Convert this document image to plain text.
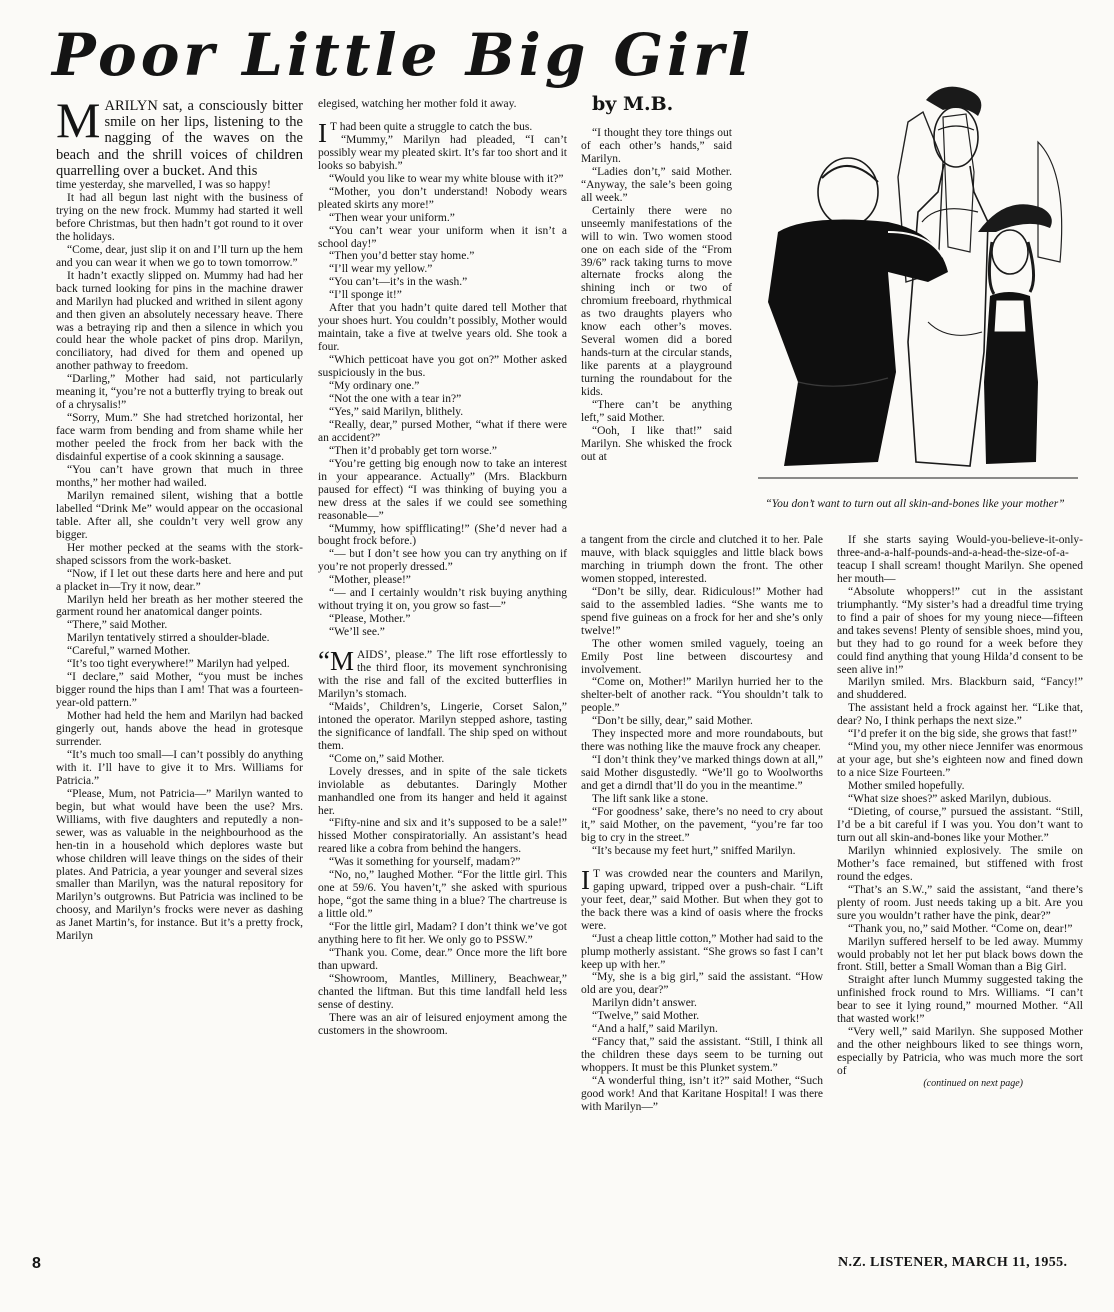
Poor Little Big Girl

by M.B.

MARILYN sat, a consciously bitter smile on her lips, listening to the nagging of the waves on the beach and the shrill voices of children quarrelling over a bucket. And this

time yesterday, she marvelled, I was so happy!

It had all begun last night with the business of trying on the new frock. Mummy had started it well before Christmas, but then hadn’t got round to it over the holidays.

“Come, dear, just slip it on and I’ll turn up the hem and you can wear it when we go to town tomorrow.”

It hadn’t exactly slipped on. Mummy had had her back turned looking for pins in the machine drawer and Marilyn had plucked and writhed in silent agony and then given an absolutely necessary heave. There was a betraying rip and then a silence in which you could hear the whole packet of pins drop. Marilyn, conciliatory, had dived for them and opened up another pathway to freedom.

“Darling,” Mother had said, not particularly meaning it, “you’re not a butterfly trying to break out of a chrysalis!”

“Sorry, Mum.” She had stretched horizontal, her face warm from bending and from shame while her mother peeled the frock from her back with the disdainful expertise of a cook skinning a sausage.

“You can’t have grown that much in three months,” her mother had wailed.

Marilyn remained silent, wishing that a bottle labelled “Drink Me” would appear on the occasional table. After all, she couldn’t very well grow any bigger.

Her mother pecked at the seams with the stork-shaped scissors from the work-basket.

“Now, if I let out these darts here and here and put a placket in—Try it now, dear.”

Marilyn held her breath as her mother steered the garment round her anatomical danger points.

“There,” said Mother.

Marilyn tentatively stirred a shoulder-blade.

“Careful,” warned Mother.

“It’s too tight everywhere!” Marilyn had yelped.

“I declare,” said Mother, “you must be inches bigger round the hips than I am! That was a fourteen-year-old pattern.”

Mother had held the hem and Marilyn had backed gingerly out, hands above the head in grotesque surrender.

“It’s much too small—I can’t possibly do anything with it. I’ll have to give it to Mrs. Williams for Patricia.”

“Please, Mum, not Patricia—” Marilyn wanted to begin, but what would have been the use? Mrs. Williams, with five daughters and reputedly a non-sewer, was as valuable in the neighbourhood as the hen-tin in a household which deplores waste but whose children will leave things on the sides of their plates. And Patricia, a year younger and several sizes smaller than Marilyn, was the natural repository for Marilyn’s outgrowns. But Patricia was inclined to be choosy, and Marilyn’s frocks were never as dashing as Janet Martin’s, for instance. But it’s a pretty frock, Marilyn

elegised, watching her mother fold it away.

I T had been quite a struggle to catch the bus.

“Mummy,” Marilyn had pleaded, “I can’t possibly wear my pleated skirt. It’s far too short and it looks so babyish.”

“Would you like to wear my white blouse with it?”

“Mother, you don’t understand! Nobody wears pleated skirts any more!”

“Then wear your uniform.”

“You can’t wear your uniform when it isn’t a school day!”

“Then you’d better stay home.”

“I’ll wear my yellow.”

“You can’t—it’s in the wash.”

“I’ll sponge it!”

After that you hadn’t quite dared tell Mother that your shoes hurt. You couldn’t possibly, Mother would maintain, take a five at twelve years old. She took a four.

“Which petticoat have you got on?” Mother asked suspiciously in the bus.

“My ordinary one.”

“Not the one with a tear in?”

“Yes,” said Marilyn, blithely.

“Really, dear,” pursed Mother, “what if there were an accident?”

“Then it’d probably get torn worse.”

“You’re getting big enough now to take an interest in your appearance. Actually” (Mrs. Blackburn paused for effect) “I was thinking of buying you a new dress at the sales if we could see something reasonable—”

“Mummy, how spifflicating!” (She’d never had a bought frock before.)

“— but I don’t see how you can try anything on if you’re not properly dressed.”

“Mother, please!”

“— and I certainly wouldn’t risk buying anything without trying it on, you grow so fast—”

“Please, Mother.”

“We’ll see.”

“MAIDS’, please.” The lift rose effortlessly to the third floor, its movement synchronising with the rise and fall of the excited butterflies in Marilyn’s stomach.

“Maids’, Children’s, Lingerie, Corset Salon,” intoned the operator. Marilyn stepped ashore, tasting the significance of landfall. The ship sped on without them.

“Come on,” said Mother.

Lovely dresses, and in spite of the sale tickets inviolable as debutantes. Daringly Mother manhandled one from its hanger and held it against her.

“Fifty-nine and six and it’s supposed to be a sale!” hissed Mother conspiratorially. An assistant’s head reared like a cobra from behind the hangers.

“Was it something for yourself, madam?”

“No, no,” laughed Mother. “For the little girl. This one at 59/6. You haven’t,” she asked with spurious hope, “got the same thing in a blue? The chartreuse is a little old.”

“For the little girl, Madam? I don’t think we’ve got anything here to fit her. We only go to PSSW.”

“Thank you. Come, dear.” Once more the lift bore than upward.

“Showroom, Mantles, Millinery, Beachwear,” chanted the liftman. But this time landfall held less sense of destiny.

There was an air of leisured enjoyment among the customers in the showroom.

“I thought they tore things out of each other’s hands,” said Marilyn.

“Ladies don’t,” said Mother. “Anyway, the sale’s been going all week.”

Certainly there were no unseemly manifestations of the will to win. Two women stood one on each side of the “From 39/6” rack taking turns to move alternate frocks along the shining inch or two of chromium freeboard, rhythmical as two draughts players who know each other’s moves. Several women did a bored hands-turn at the circular stands, like parents at a playground turning the roundabout for the kids.

“There can’t be anything left,” said Mother.

“Ooh, I like that!” said Marilyn. She whisked the frock out at

“You don’t want to turn out all skin-and-bones like your mother”

a tangent from the circle and clutched it to her. Pale mauve, with black squiggles and little black bows marching in triumph down the front. The other women stopped, interested.

“Don’t be silly, dear. Ridiculous!” Mother had said to the assembled ladies. “She wants me to spend five guineas on a frock for her and she’s only twelve!”

The other women smiled vaguely, toeing an Emily Post line between discourtesy and involvement.

“Come on, Mother!” Marilyn hurried her to the shelter-belt of another rack. “You shouldn’t talk to people.”

“Don’t be silly, dear,” said Mother.

They inspected more and more roundabouts, but there was nothing like the mauve frock any cheaper.

“I don’t think they’ve marked things down at all,” said Mother disgustedly. “We’ll go to Woolworths and get a dirndl that’ll do you in the meantime.”

The lift sank like a stone.

“For goodness’ sake, there’s no need to cry about it,” said Mother, on the pavement, “you’re far too big to cry in the street.”

“It’s because my feet hurt,” sniffed Marilyn.

I T was crowded near the counters and Marilyn, gaping upward, tripped over a push-chair. “Lift your feet, dear,” said Mother. But when they got to the back there was a kind of oasis where the frocks were.

“Just a cheap little cotton,” Mother had said to the plump motherly assistant. “She grows so fast I can’t keep up with her.”

“My, she is a big girl,” said the assistant. “How old are you, dear?”

Marilyn didn’t answer.

“Twelve,” said Mother.

“And a half,” said Marilyn.

“Fancy that,” said the assistant. “Still, I think all the children these days seem to be turning out whoppers. It must be this Plunket system.”

“A wonderful thing, isn’t it?” said Mother, “Such good work! And that Karitane Hospital! I was there with Marilyn—”

If she starts saying Would-you-believe-it-only-three-and-a-half-pounds-and-a-head-the-size-of-a-teacup I shall scream! thought Marilyn. She opened her mouth—

“Absolute whoppers!” cut in the assistant triumphantly. “My sister’s had a dreadful time trying to find a pair of shoes for my young niece—fifteen and takes sevens! Plenty of sensible shoes, mind you, but they had to go round for a week before they could find anything that young Hilda’d consent to be seen alive in!”

Marilyn smiled. Mrs. Blackburn said, “Fancy!” and shuddered.

The assistant held a frock against her. “Like that, dear? No, I think perhaps the next size.”

“I’d prefer it on the big side, she grows that fast!”

“Mind you, my other niece Jennifer was enormous at your age, but she’s eighteen now and fined down to a nice Size Fourteen.”

Mother smiled hopefully.

“What size shoes?” asked Marilyn, dubious.

“Dieting, of course,” pursued the assistant. “Still, I’d be a bit careful if I was you. You don’t want to turn out all skin-and-bones like your Mother.”

Marilyn whinnied explosively. The smile on Mother’s face remained, but stiffened with frost round the edges.

“That’s an S.W.,” said the assistant, “and there’s plenty of room. Just needs taking up a bit. Are you sure you wouldn’t rather have the pink, dear?”

“Thank you, no,” said Mother. “Come on, dear!”

Marilyn suffered herself to be led away. Mummy would probably not let her put black bows down the front. Still, better a Small Woman than a Big Girl.

Straight after lunch Mummy suggested taking the unfinished frock round to Mrs. Williams. “I can’t bear to see it lying round,” mourned Mother. “All that wasted work!”

“Very well,” said Marilyn. She supposed Mother and the other neighbours liked to see things worn, especially by Patricia, who was much more the sort of

(continued on next page)

8	N.Z. LISTENER, MARCH 11, 1955.
